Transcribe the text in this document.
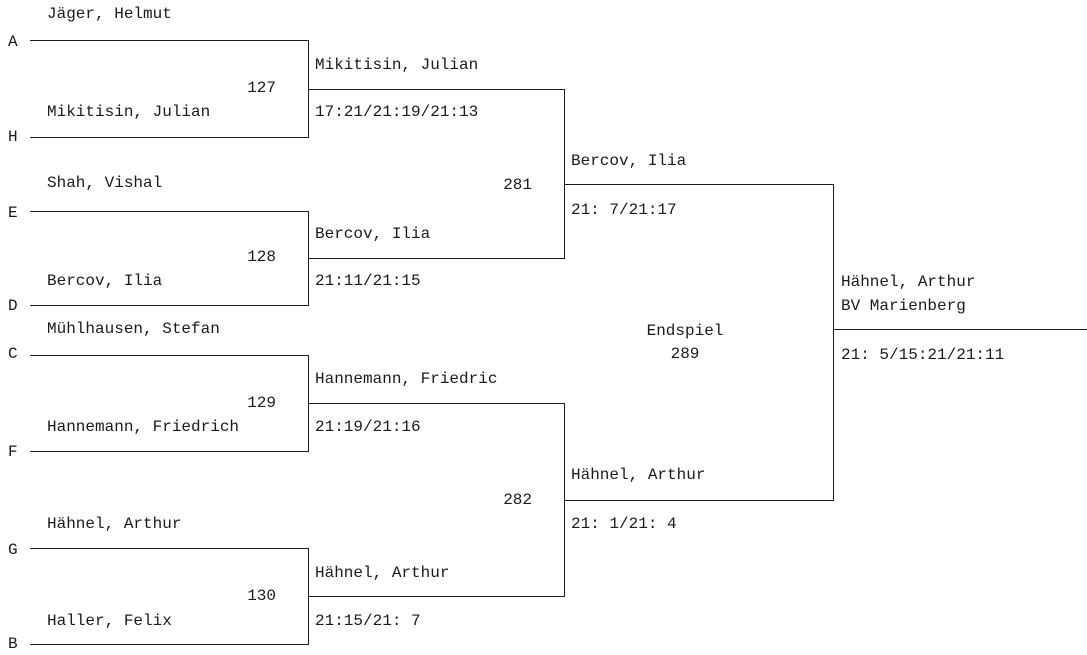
A
Jäger, Helmut
H
Mikitisin, Julian
127
Mikitisin, Julian
17:21/21:19/21:13
E
Shah, Vishal
D
Bercov, Ilia
128
Bercov, Ilia
21:11/21:15
C
Mühlhausen, Stefan
F
Hannemann, Friedrich
129
Hannemann, Friedric
21:19/21:16
G
Hähnel, Arthur
B
Haller, Felix
130
Hähnel, Arthur
21:15/21: 7
281
Bercov, Ilia
21: 7/21:17
282
Hähnel, Arthur
21: 1/21: 4
Endspiel
289
Hähnel, Arthur
BV Marienberg
21: 5/15:21/21:11
